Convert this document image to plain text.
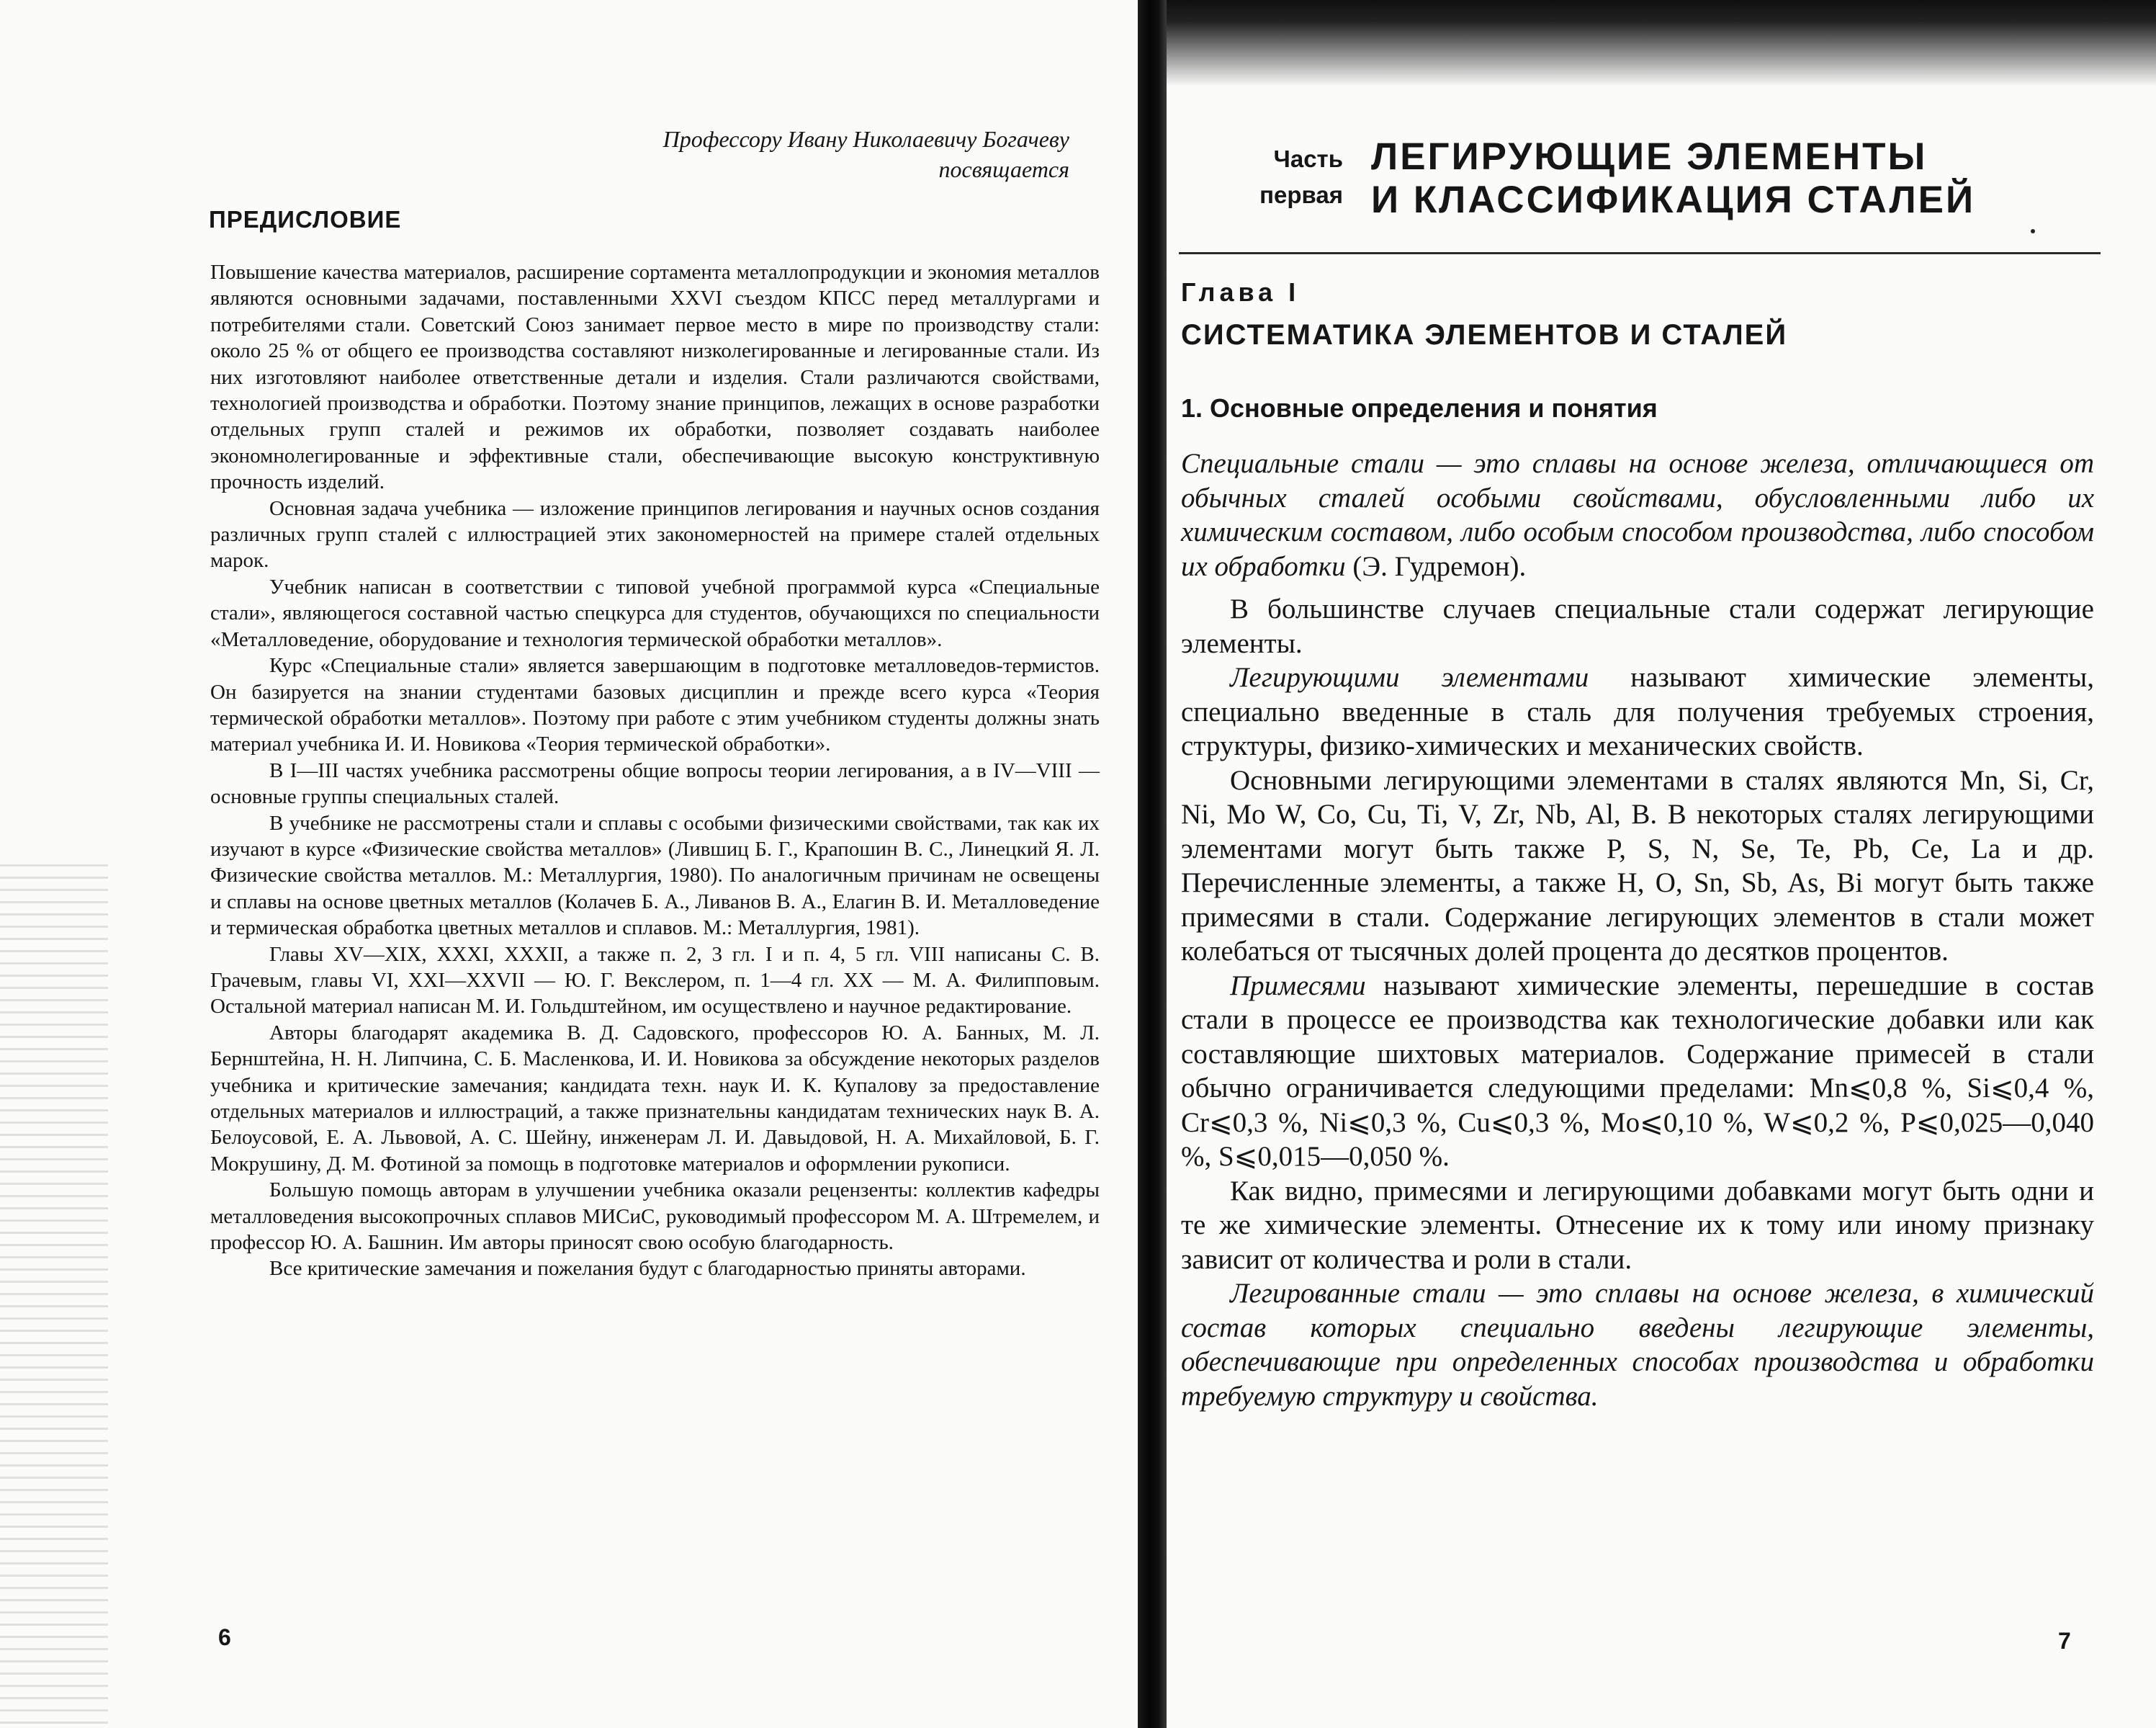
Профессору Ивану Николаевичу Богачеву
посвящается
ПРЕДИСЛОВИЕ

Повышение качества материалов, расширение сортамента металлопродукции и экономия металлов являются основными задачами, поставленными XXVI съездом КПСС перед металлургами и потребителями стали. Советский Союз занимает первое место в мире по производству стали: около 25 % от общего ее производства составляют низколегированные и легированные стали. Из них изготовляют наиболее ответственные детали и изделия. Стали различаются свойствами, технологией производства и обработки. Поэтому знание принципов, лежащих в основе разработки отдельных групп сталей и режимов их обработки, позволяет создавать наиболее экономнолегированные и эффективные стали, обеспечивающие высокую конструктивную прочность изделий.

Основная задача учебника — изложение принципов легирования и научных основ создания различных групп сталей с иллюстрацией этих закономерностей на примере сталей отдельных марок.

Учебник написан в соответствии с типовой учебной программой курса «Специальные стали», являющегося составной частью спецкурса для студентов, обучающихся по специальности «Металловедение, оборудование и технология термической обработки металлов».

Курс «Специальные стали» является завершающим в подготовке металловедов-термистов. Он базируется на знании студентами базовых дисциплин и прежде всего курса «Теория термической обработки металлов». Поэтому при работе с этим учебником студенты должны знать материал учебника И. И. Новикова «Теория термической обработки».

В I—III частях учебника рассмотрены общие вопросы теории легирования, а в IV—VIII — основные группы специальных сталей.

В учебнике не рассмотрены стали и сплавы с особыми физическими свойствами, так как их изучают в курсе «Физические свойства металлов» (Лившиц Б. Г., Крапошин В. С., Линецкий Я. Л. Физические свойства металлов. М.: Металлургия, 1980). По аналогичным причинам не освещены и сплавы на основе цветных металлов (Колачев Б. А., Ливанов В. А., Елагин В. И. Металловедение и термическая обработка цветных металлов и сплавов. М.: Металлургия, 1981).

Главы XV—XIX, XXXI, XXXII, а также п. 2, 3 гл. I и п. 4, 5 гл. VIII написаны С. В. Грачевым, главы VI, XXI—XXVII — Ю. Г. Векслером, п. 1—4 гл. XX — М. А. Филипповым. Остальной материал написан М. И. Гольдштейном, им осуществлено и научное редактирование.

Авторы благодарят академика В. Д. Садовского, профессоров Ю. А. Банных, М. Л. Бернштейна, Н. Н. Липчина, С. Б. Масленкова, И. И. Новикова за обсуждение некоторых разделов учебника и критические замечания; кандидата техн. наук И. К. Купалову за предоставление отдельных материалов и иллюстраций, а также признательны кандидатам технических наук В. А. Белоусовой, Е. А. Львовой, А. С. Шейну, инженерам Л. И. Давыдовой, Н. А. Михайловой, Б. Г. Мокрушину, Д. М. Фотиной за помощь в подготовке материалов и оформлении рукописи.

Большую помощь авторам в улучшении учебника оказали рецензенты: коллектив кафедры металловедения высокопрочных сплавов МИСиС, руководимый профессором М. А. Штремелем, и профессор Ю. А. Башнин. Им авторы приносят свою особую благодарность.

Все критические замечания и пожелания будут с благодарностью приняты авторами.

6
Часть
первая
ЛЕГИРУЮЩИЕ ЭЛЕМЕНТЫ
И КЛАССИФИКАЦИЯ СТАЛЕЙ
Глава I
СИСТЕМАТИКА ЭЛЕМЕНТОВ И СТАЛЕЙ
1. Основные определения и понятия

Специальные стали — это сплавы на основе железа, отличающиеся от обычных сталей особыми свойствами, обусловленными либо их химическим составом, либо особым способом производства, либо способом их обработки (Э. Гудремон).

В большинстве случаев специальные стали содержат легирующие элементы.

Легирующими элементами называют химические элементы, специально введенные в сталь для получения требуемых строения, структуры, физико-химических и механических свойств.

Основными легирующими элементами в сталях являются Mn, Si, Cr, Ni, Mo W, Co, Cu, Ti, V, Zr, Nb, Al, B. В некоторых сталях легирующими элементами могут быть также P, S, N, Se, Te, Pb, Ce, La и др. Перечисленные элементы, а также H, O, Sn, Sb, As, Bi могут быть также примесями в стали. Содержание легирующих элементов в стали может колебаться от тысячных долей процента до десятков процентов.

Примесями называют химические элементы, перешедшие в состав стали в процессе ее производства как технологические добавки или как составляющие шихтовых материалов. Содержание примесей в стали обычно ограничивается следующими пределами: Mn⩽0,8 %, Si⩽0,4 %, Cr⩽0,3 %, Ni⩽0,3 %, Cu⩽0,3 %, Mo⩽0,10 %, W⩽0,2 %, P⩽0,025—0,040 %, S⩽0,015—0,050 %.

Как видно, примесями и легирующими добавками могут быть одни и те же химические элементы. Отнесение их к тому или иному признаку зависит от количества и роли в стали.

Легированные стали — это сплавы на основе железа, в химический состав которых специально введены легирующие элементы, обеспечивающие при определенных способах производства и обработки требуемую структуру и свойства.

7
